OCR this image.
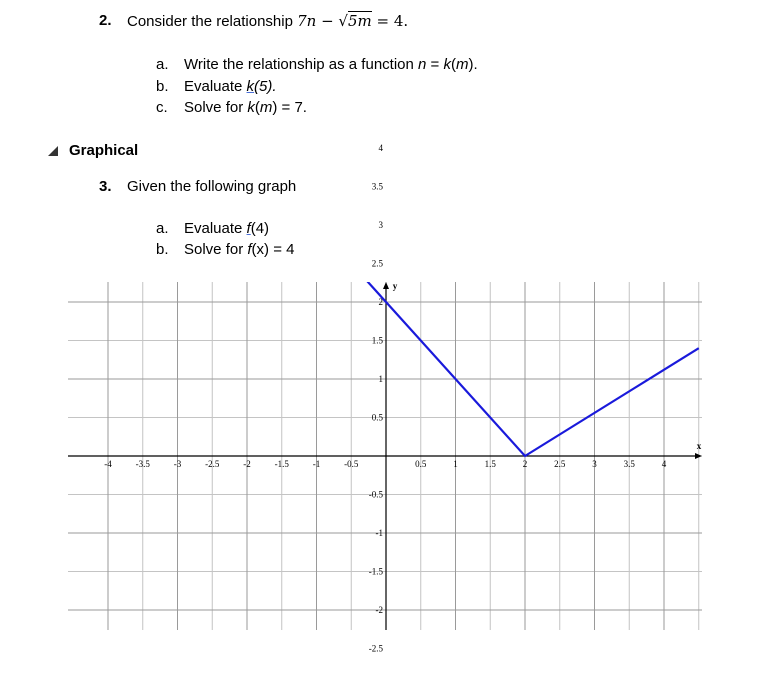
2. Consider the relationship 7n − √5m = 4.
a. Write the relationship as a function n = k(m).
b. Evaluate k(5).
c. Solve for k(m) = 7.
Graphical
3. Given the following graph
a. Evaluate f(4)
b. Solve for f(x) = 4
-4	-3.5	-3	-2.5	-2	-1.5	-1	-0.5	0.5	1	1.5	2	2.5	3	3.5	4
4
3.5
3
2.5
2
1.5
1
0.5
-0.5
-1
-1.5
-2
-2.5
x
y
